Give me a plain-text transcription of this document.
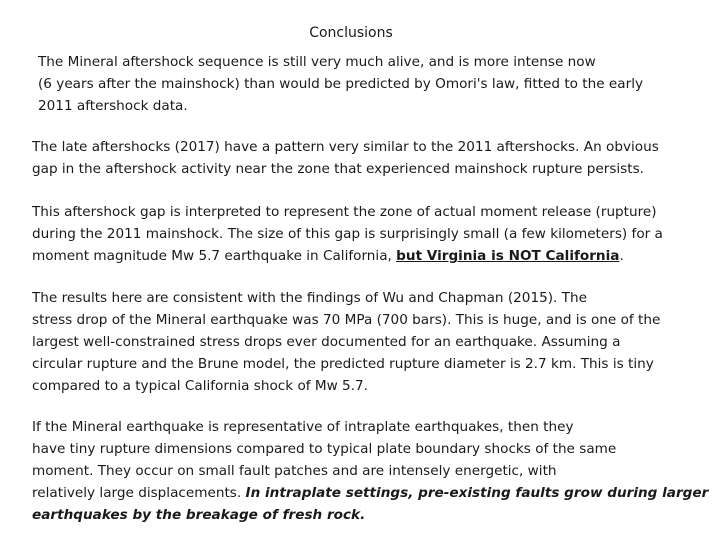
Conclusions

The Mineral aftershock sequence is still very much alive, and is more intense now
(6 years after the mainshock) than would be predicted by Omori's law, fitted to the early
2011 aftershock data.

The late aftershocks (2017) have a pattern very similar to the 2011 aftershocks. An obvious
gap in the aftershock activity near the zone that experienced mainshock rupture persists.

This aftershock gap is interpreted to represent the zone of actual moment release (rupture)
during the 2011 mainshock. The size of this gap is surprisingly small (a few kilometers) for a
moment magnitude Mw 5.7 earthquake in California, but Virginia is NOT California.

The results here are consistent with the findings of Wu and Chapman (2015). The
stress drop of the Mineral earthquake was 70 MPa (700 bars). This is huge, and is one of the
largest well-constrained stress drops ever documented for an earthquake. Assuming a
circular rupture and the Brune model, the predicted rupture diameter is 2.7 km. This is tiny
compared to a typical California shock of Mw 5.7.

If the Mineral earthquake is representative of intraplate earthquakes, then they
have tiny rupture dimensions compared to typical plate boundary shocks of the same
moment. They occur on small fault patches and are intensely energetic, with
relatively large displacements. In intraplate settings, pre-existing faults grow during larger
earthquakes by the breakage of fresh rock.
